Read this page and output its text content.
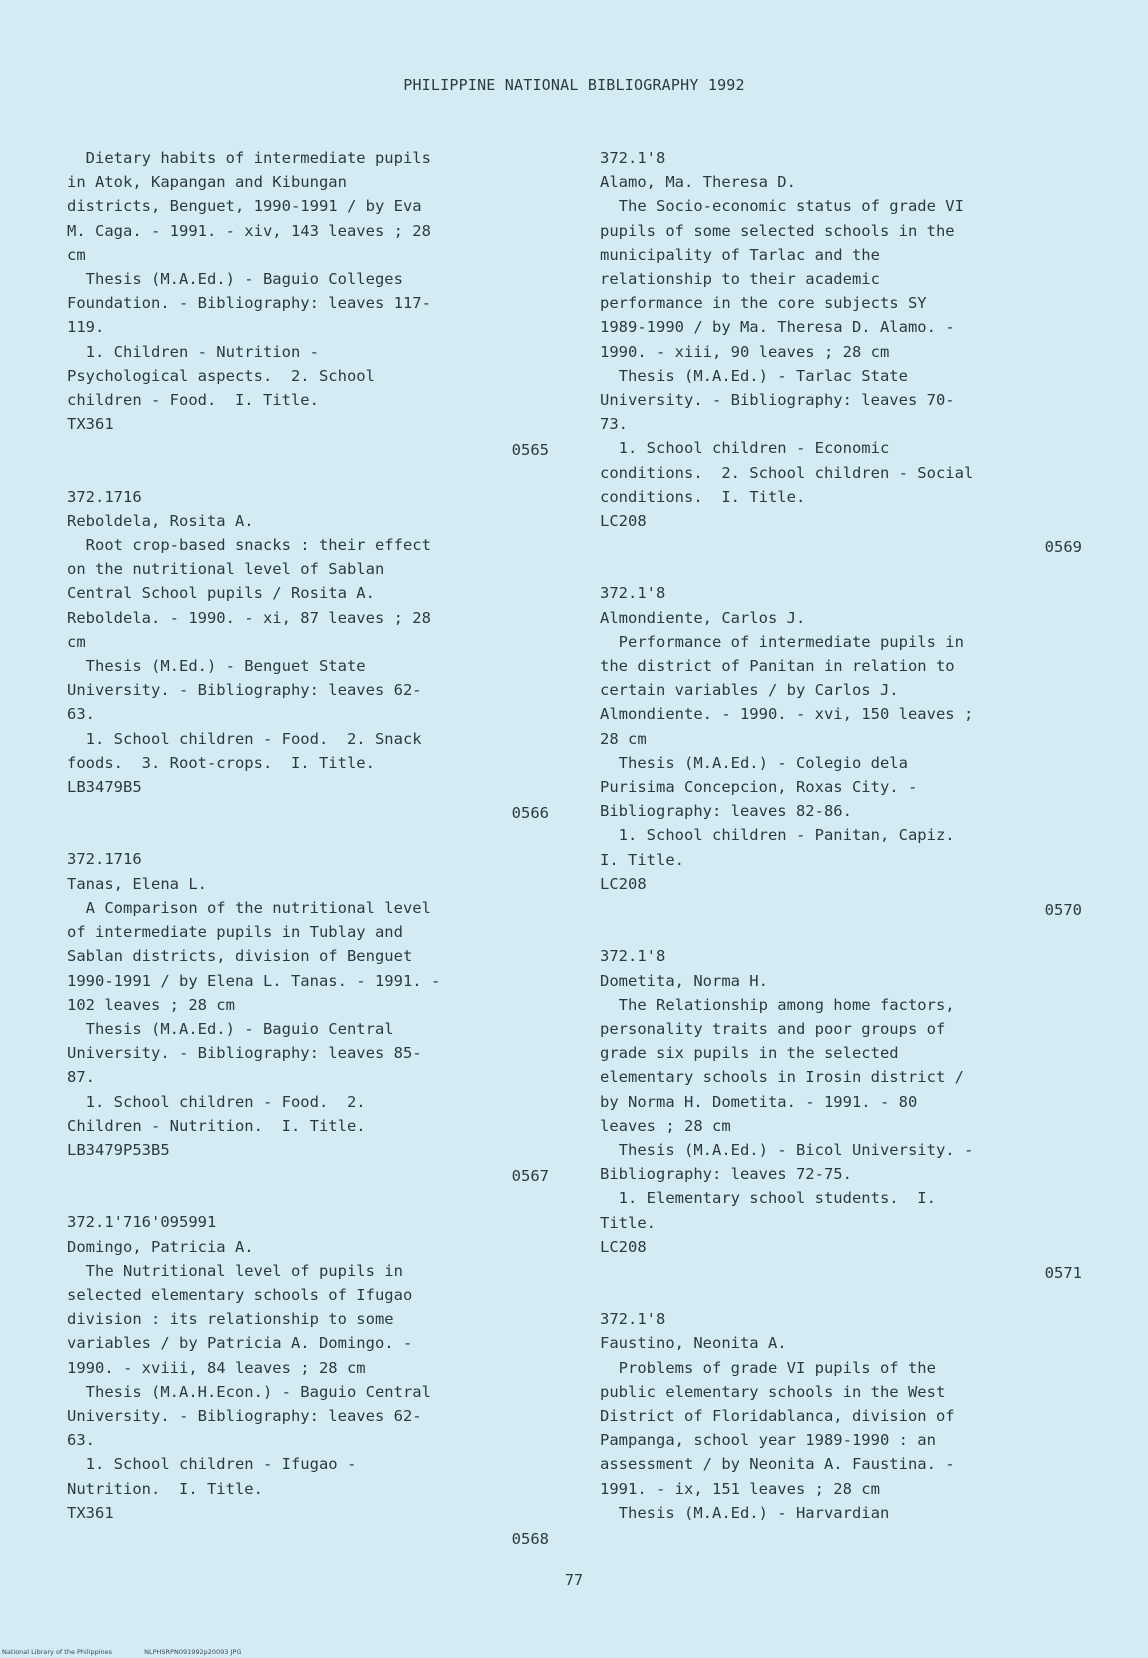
PHILIPPINE NATIONAL BIBLIOGRAPHY 1992
Dietary habits of intermediate pupils
in Atok, Kapangan and Kibungan
districts, Benguet, 1990-1991 / by Eva
M. Caga. - 1991. - xiv, 143 leaves ; 28
cm
Thesis (M.A.Ed.) - Baguio Colleges
Foundation. - Bibliography: leaves 117-
119.
1. Children - Nutrition -
Psychological aspects.  2. School
children - Food.  I. Title.
TX361
0565
372.1716
Reboldela, Rosita A.
Root crop-based snacks : their effect
on the nutritional level of Sablan
Central School pupils / Rosita A.
Reboldela. - 1990. - xi, 87 leaves ; 28
cm
Thesis (M.Ed.) - Benguet State
University. - Bibliography: leaves 62-
63.
1. School children - Food.  2. Snack
foods.  3. Root-crops.  I. Title.
LB3479B5
0566
372.1716
Tanas, Elena L.
A Comparison of the nutritional level
of intermediate pupils in Tublay and
Sablan districts, division of Benguet
1990-1991 / by Elena L. Tanas. - 1991. -
102 leaves ; 28 cm
Thesis (M.A.Ed.) - Baguio Central
University. - Bibliography: leaves 85-
87.
1. School children - Food.  2.
Children - Nutrition.  I. Title.
LB3479P53B5
0567
372.1'716'095991
Domingo, Patricia A.
The Nutritional level of pupils in
selected elementary schools of Ifugao
division : its relationship to some
variables / by Patricia A. Domingo. -
1990. - xviii, 84 leaves ; 28 cm
Thesis (M.A.H.Econ.) - Baguio Central
University. - Bibliography: leaves 62-
63.
1. School children - Ifugao -
Nutrition.  I. Title.
TX361
0568
372.1'8
Alamo, Ma. Theresa D.
The Socio-economic status of grade VI
pupils of some selected schools in the
municipality of Tarlac and the
relationship to their academic
performance in the core subjects SY
1989-1990 / by Ma. Theresa D. Alamo. -
1990. - xiii, 90 leaves ; 28 cm
Thesis (M.A.Ed.) - Tarlac State
University. - Bibliography: leaves 70-
73.
1. School children - Economic
conditions.  2. School children - Social
conditions.  I. Title.
LC208
0569
372.1'8
Almondiente, Carlos J.
Performance of intermediate pupils in
the district of Panitan in relation to
certain variables / by Carlos J.
Almondiente. - 1990. - xvi, 150 leaves ;
28 cm
Thesis (M.A.Ed.) - Colegio dela
Purisima Concepcion, Roxas City. -
Bibliography: leaves 82-86.
1. School children - Panitan, Capiz.
I. Title.
LC208
0570
372.1'8
Dometita, Norma H.
The Relationship among home factors,
personality traits and poor groups of
grade six pupils in the selected
elementary schools in Irosin district /
by Norma H. Dometita. - 1991. - 80
leaves ; 28 cm
Thesis (M.A.Ed.) - Bicol University. -
Bibliography: leaves 72-75.
1. Elementary school students.  I.
Title.
LC208
0571
372.1'8
Faustino, Neonita A.
Problems of grade VI pupils of the
public elementary schools in the West
District of Floridablanca, division of
Pampanga, school year 1989-1990 : an
assessment / by Neonita A. Faustina. -
1991. - ix, 151 leaves ; 28 cm
Thesis (M.A.Ed.) - Harvardian
77
National Library of the Philippines	NLPHSRPN091992p20093 JPG
